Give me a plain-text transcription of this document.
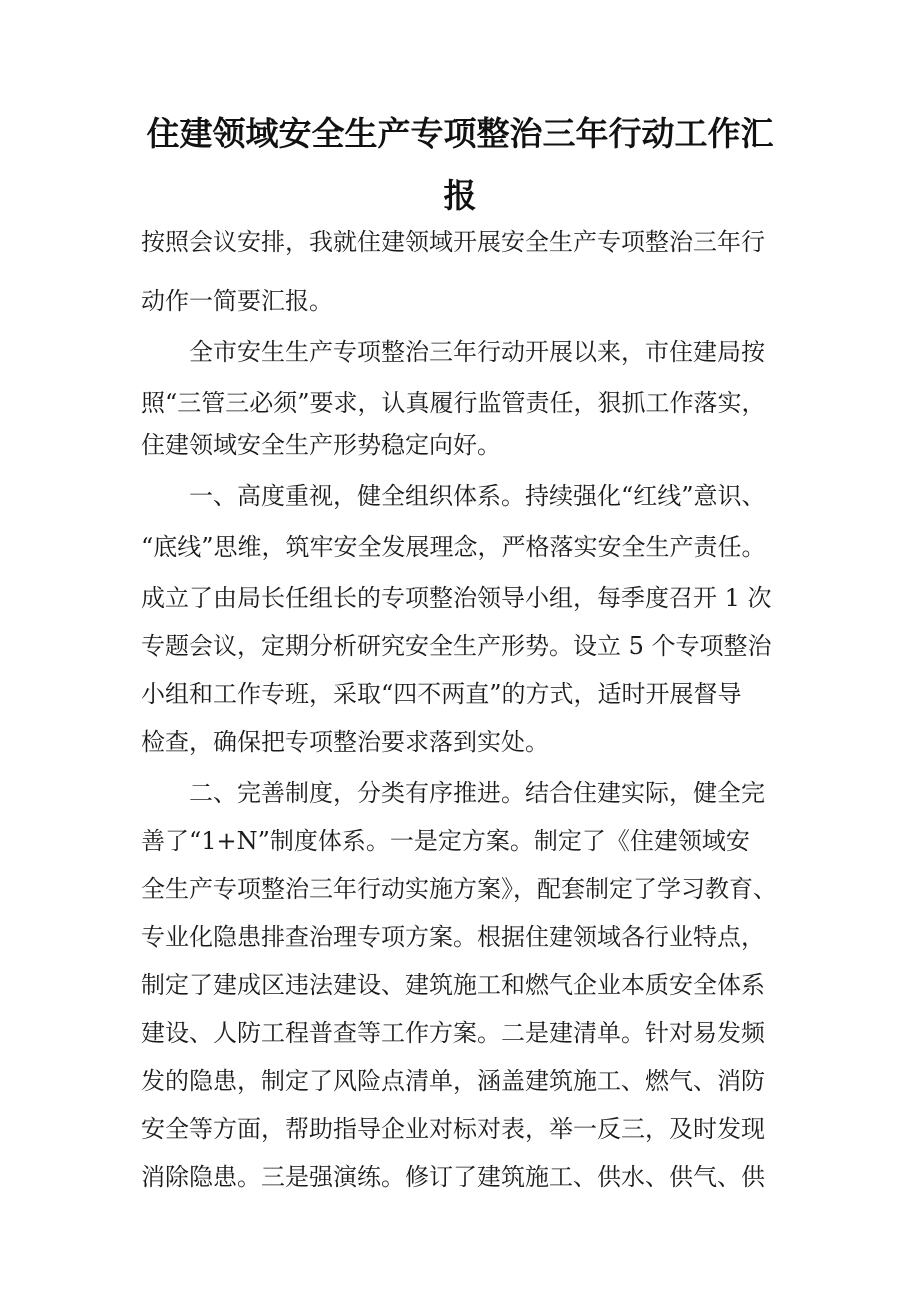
住建领域安全生产专项整治三年行动工作汇
报
按照会议安排，我就住建领域开展安全生产专项整治三年行
动作一简要汇报。
全市安生生产专项整治三年行动开展以来，市住建局按
照“三管三必须”要求，认真履行监管责任，狠抓工作落实，
住建领域安全生产形势稳定向好。
一、高度重视，健全组织体系。持续强化“红线”意识、
“底线”思维，筑牢安全发展理念，严格落实安全生产责任。
成立了由局长任组长的专项整治领导小组，每季度召开 1 次
专题会议，定期分析研究安全生产形势。设立 5 个专项整治
小组和工作专班，采取“四不两直”的方式，适时开展督导
检查，确保把专项整治要求落到实处。
二、完善制度，分类有序推进。结合住建实际，健全完
善了“1+N”制度体系。一是定方案。制定了《住建领域安
全生产专项整治三年行动实施方案》，配套制定了学习教育、
专业化隐患排查治理专项方案。根据住建领域各行业特点，
制定了建成区违法建设、建筑施工和燃气企业本质安全体系
建设、人防工程普查等工作方案。二是建清单。针对易发频
发的隐患，制定了风险点清单，涵盖建筑施工、燃气、消防
安全等方面，帮助指导企业对标对表，举一反三，及时发现
消除隐患。三是强演练。修订了建筑施工、供水、供气、供
